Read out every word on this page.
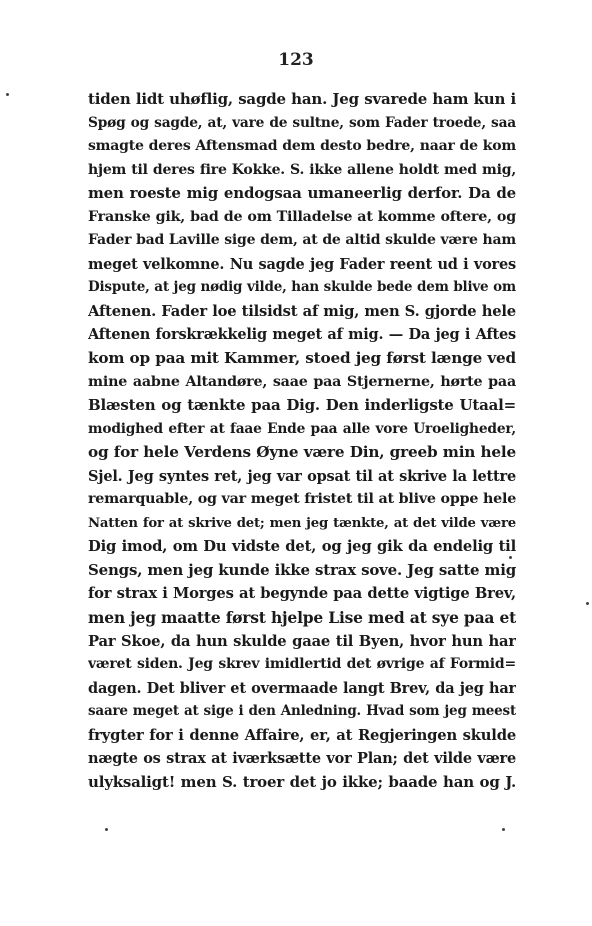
123
tiden lidt uhøflig, sagde han. Jeg svarede ham kun i
Spøg og sagde, at, vare de sultne, som Fader troede, saa
smagte deres Aftensmad dem desto bedre, naar de kom
hjem til deres fire Kokke. S. ikke allene holdt med mig,
men roeste mig endogsaa umaneerlig derfor. Da de
Franske gik, bad de om Tilladelse at komme oftere, og
Fader bad Laville sige dem, at de altid skulde være ham
meget velkomne. Nu sagde jeg Fader reent ud i vores
Dispute, at jeg nødig vilde, han skulde bede dem blive om
Aftenen. Fader loe tilsidst af mig, men S. gjorde hele
Aftenen forskrækkelig meget af mig. — Da jeg i Aftes
kom op paa mit Kammer, stoed jeg først længe ved
mine aabne Altandøre, saae paa Stjernerne, hørte paa
Blæsten og tænkte paa Dig. Den inderligste Utaal=
modighed efter at faae Ende paa alle vore Uroeligheder,
og for hele Verdens Øyne være Din, greeb min hele
Sjel. Jeg syntes ret, jeg var opsat til at skrive la lettre
remarquable, og var meget fristet til at blive oppe hele
Natten for at skrive det; men jeg tænkte, at det vilde være
Dig imod, om Du vidste det, og jeg gik da endelig til
Sengs, men jeg kunde ikke strax sove. Jeg satte mig
for strax i Morges at begynde paa dette vigtige Brev,
men jeg maatte først hjelpe Lise med at sye paa et
Par Skoe, da hun skulde gaae til Byen, hvor hun har
været siden. Jeg skrev imidlertid det øvrige af Formid=
dagen. Det bliver et overmaade langt Brev, da jeg har
saare meget at sige i den Anledning. Hvad som jeg meest
frygter for i denne Affaire, er, at Regjeringen skulde
nægte os strax at iværksætte vor Plan; det vilde være
ulyksaligt! men S. troer det jo ikke; baade han og J.
